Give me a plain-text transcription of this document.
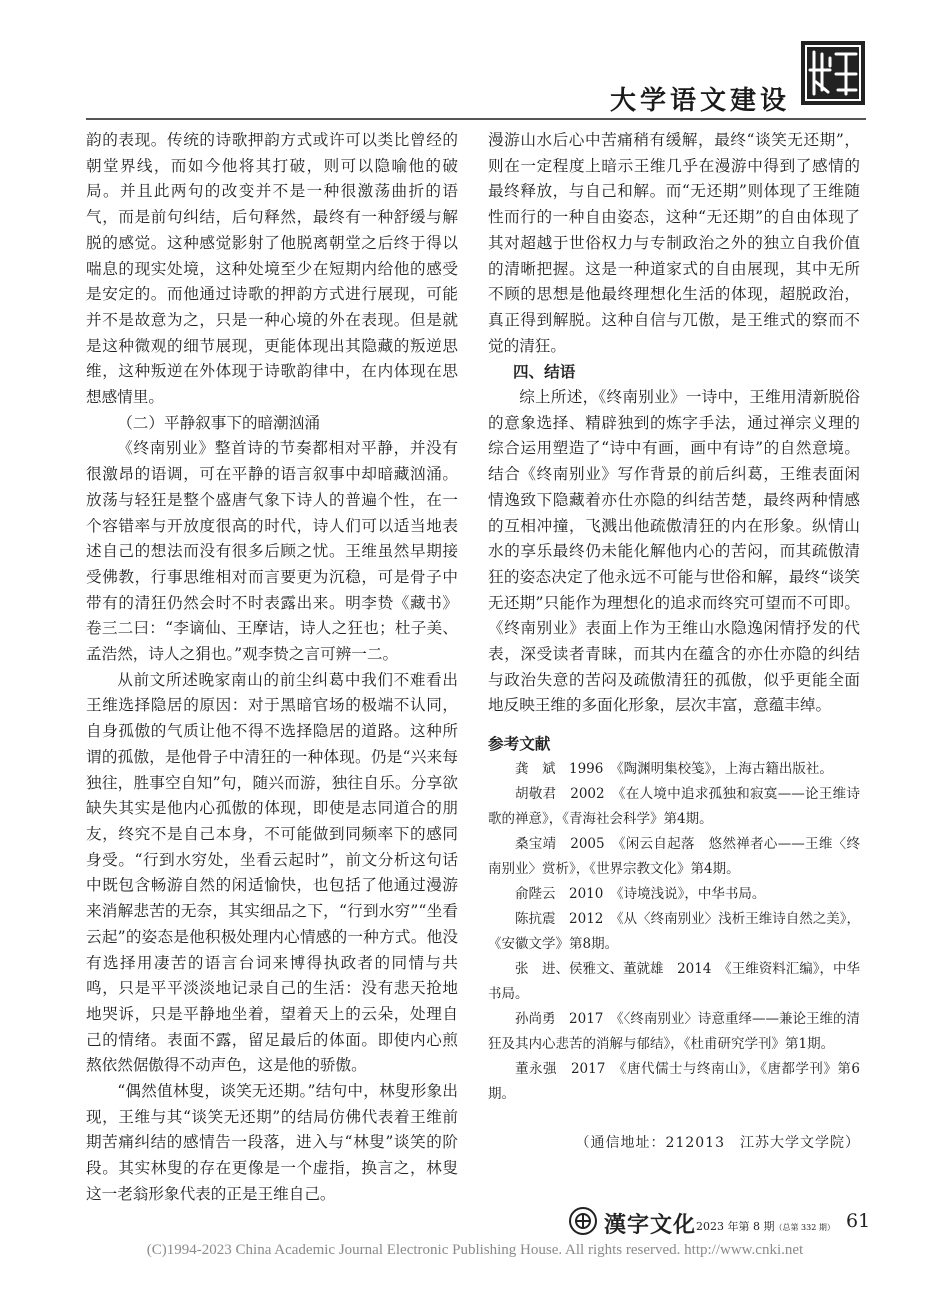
大学语文建设

韵的表现。传统的诗歌押韵方式或许可以类比曾经的朝堂界线，而如今他将其打破，则可以隐喻他的破局。并且此两句的改变并不是一种很激荡曲折的语气，而是前句纠结，后句释然，最终有一种舒缓与解脱的感觉。这种感觉影射了他脱离朝堂之后终于得以喘息的现实处境，这种处境至少在短期内给他的感受是安定的。而他通过诗歌的押韵方式进行展现，可能并不是故意为之，只是一种心境的外在表现。但是就是这种微观的细节展现，更能体现出其隐藏的叛逆思维，这种叛逆在外体现于诗歌韵律中，在内体现在思想感情里。

（二）平静叙事下的暗潮汹涌

《终南别业》整首诗的节奏都相对平静，并没有很激昂的语调，可在平静的语言叙事中却暗藏汹涌。放荡与轻狂是整个盛唐气象下诗人的普遍个性，在一个容错率与开放度很高的时代，诗人们可以适当地表述自己的想法而没有很多后顾之忧。王维虽然早期接受佛教，行事思维相对而言要更为沉稳，可是骨子中带有的清狂仍然会时不时表露出来。明李贽《藏书》卷三二曰：“李谪仙、王摩诘，诗人之狂也；杜子美、孟浩然，诗人之狷也。”观李贽之言可辨一二。

从前文所述晚家南山的前尘纠葛中我们不难看出王维选择隐居的原因：对于黑暗官场的极端不认同，自身孤傲的气质让他不得不选择隐居的道路。这种所谓的孤傲，是他骨子中清狂的一种体现。仍是“兴来每独往，胜事空自知”句，随兴而游，独往自乐。分享欲缺失其实是他内心孤傲的体现，即使是志同道合的朋友，终究不是自己本身，不可能做到同频率下的感同身受。“行到水穷处，坐看云起时”，前文分析这句话中既包含畅游自然的闲适愉快，也包括了他通过漫游来消解悲苦的无奈，其实细品之下，“行到水穷”“坐看云起”的姿态是他积极处理内心情感的一种方式。他没有选择用凄苦的语言台词来博得执政者的同情与共鸣，只是平平淡淡地记录自己的生活：没有悲天抢地地哭诉，只是平静地坐着，望着天上的云朵，处理自己的情绪。表面不露，留足最后的体面。即使内心煎熬依然倨傲得不动声色，这是他的骄傲。

“偶然值林叟，谈笑无还期。”结句中，林叟形象出现，王维与其“谈笑无还期”的结局仿佛代表着王维前期苦痛纠结的感情告一段落，进入与“林叟”谈笑的阶段。其实林叟的存在更像是一个虚指，换言之，林叟这一老翁形象代表的正是王维自己。

漫游山水后心中苦痛稍有缓解，最终“谈笑无还期”，则在一定程度上暗示王维几乎在漫游中得到了感情的最终释放，与自己和解。而“无还期”则体现了王维随性而行的一种自由姿态，这种“无还期”的自由体现了其对超越于世俗权力与专制政治之外的独立自我价值的清晰把握。这是一种道家式的自由展现，其中无所不顾的思想是他最终理想化生活的体现，超脱政治，真正得到解脱。这种自信与兀傲，是王维式的察而不觉的清狂。

四、结语

综上所述，《终南别业》一诗中，王维用清新脱俗的意象选择、精辟独到的炼字手法，通过禅宗义理的综合运用塑造了“诗中有画，画中有诗”的自然意境。结合《终南别业》写作背景的前后纠葛，王维表面闲情逸致下隐藏着亦仕亦隐的纠结苦楚，最终两种情感的互相冲撞，飞溅出他疏傲清狂的内在形象。纵情山水的享乐最终仍未能化解他内心的苦闷，而其疏傲清狂的姿态决定了他永远不可能与世俗和解，最终“谈笑无还期”只能作为理想化的追求而终究可望而不可即。《终南别业》表面上作为王维山水隐逸闲情抒发的代表，深受读者青睐，而其内在蕴含的亦仕亦隐的纠结与政治失意的苦闷及疏傲清狂的孤傲，似乎更能全面地反映王维的多面化形象，层次丰富，意蕴丰绰。

参考文献

龚　斌　1996　《陶渊明集校笺》，上海古籍出版社。

胡敬君　2002　《在人境中追求孤独和寂寞——论王维诗歌的禅意》，《青海社会科学》第4期。

桑宝靖　2005　《闲云自起落　悠然禅者心——王维〈终南别业〉赏析》，《世界宗教文化》第4期。

俞陛云　2010　《诗境浅说》，中华书局。

陈抗震　2012　《从〈终南别业〉浅析王维诗自然之美》，《安徽文学》第8期。

张　进、侯雅文、董就雄　2014　《王维资料汇编》，中华书局。

孙尚勇　2017　《〈终南别业〉诗意重绎——兼论王维的清狂及其内心悲苦的消解与郁结》，《杜甫研究学刊》第1期。

董永强　2017　《唐代儒士与终南山》，《唐都学刊》第6期。

（通信地址：212013　江苏大学文学院）

漢字文化 2023 年第 8 期（总第 332 期） 61
(C)1994-2023 China Academic Journal Electronic Publishing House. All rights reserved. http://www.cnki.net
